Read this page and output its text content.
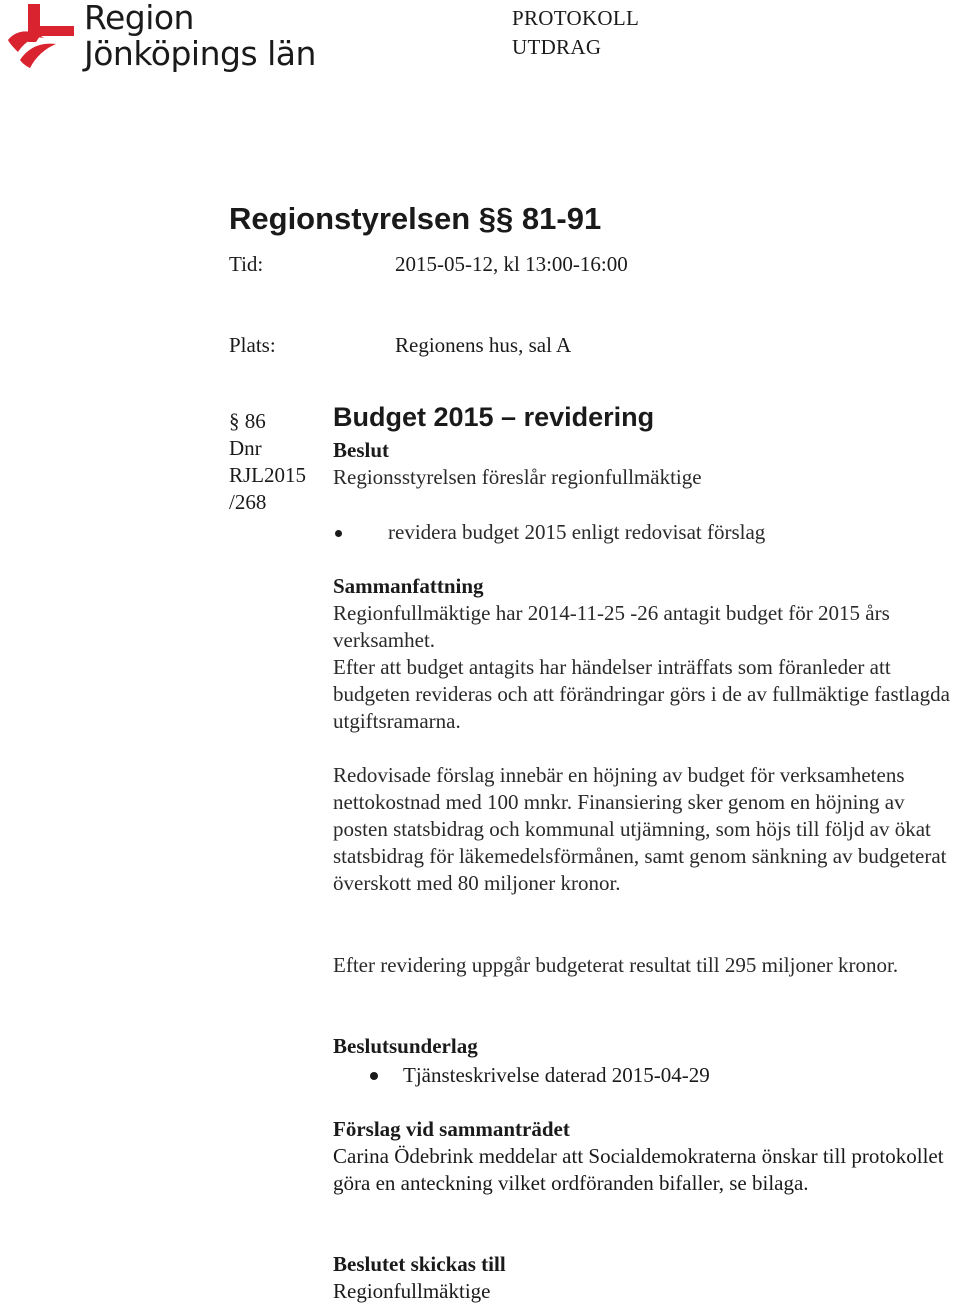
Region
Jönköpings län
PROTOKOLL
UTDRAG
Regionstyrelsen §§ 81-91
Tid:	2015-05-12, kl 13:00-16:00
Plats:	Regionens hus, sal A
§ 86
Dnr
RJL2015
/268
Budget 2015 – revidering
Beslut
Regionsstyrelsen föreslår regionfullmäktige
revidera budget 2015 enligt redovisat förslag
Sammanfattning

Regionfullmäktige har 2014-11-25 -26 antagit budget för 2015 års verksamhet.

Efter att budget antagits har händelser inträffats som föranleder att budgeten revideras och att förändringar görs i de av fullmäktige fastlagda utgiftsramarna.

Redovisade förslag innebär en höjning av budget för verksamhetens nettokostnad med 100 mnkr. Finansiering sker genom en höjning av posten statsbidrag och kommunal utjämning, som höjs till följd av ökat statsbidrag för läkemedelsförmånen, samt genom sänkning av budgeterat överskott med 80 miljoner kronor.

Efter revidering uppgår budgeterat resultat till 295 miljoner kronor.

Beslutsunderlag
Tjänsteskrivelse daterad 2015-04-29
Förslag vid sammanträdet

Carina Ödebrink meddelar att Socialdemokraterna önskar till protokollet göra en anteckning vilket ordföranden bifaller, se bilaga.

Beslutet skickas till
Regionfullmäktige
